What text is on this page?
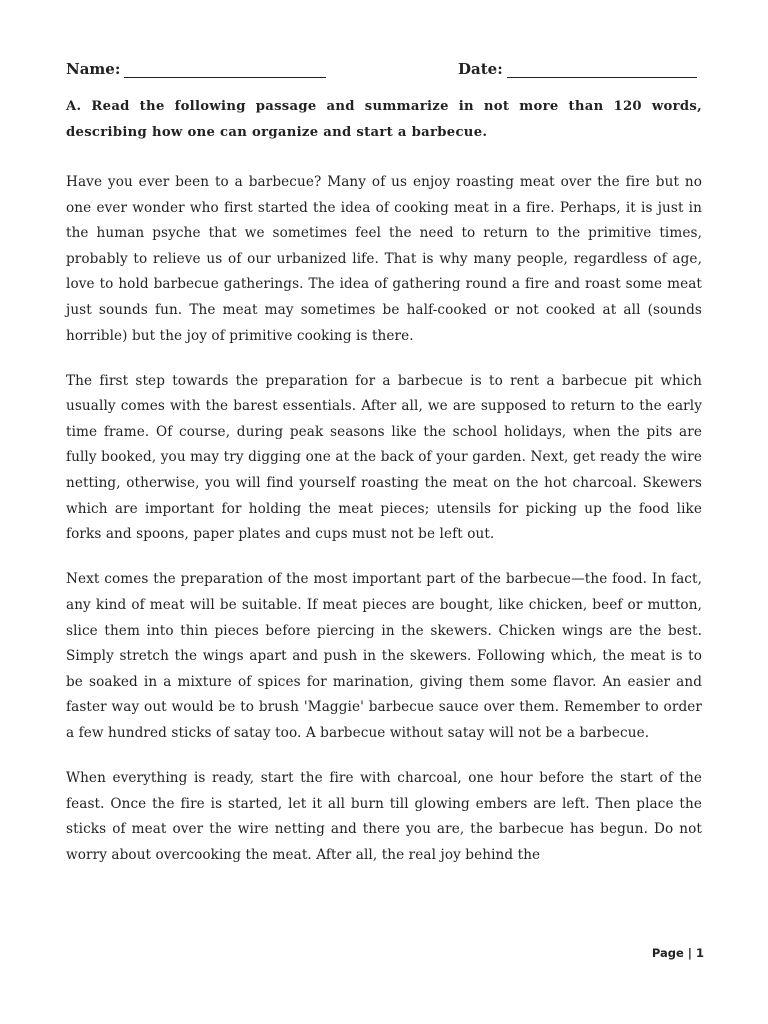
Name:	Date:
A. Read the following passage and summarize in not more than 120 words, describing how one can organize and start a barbecue.

Have you ever been to a barbecue? Many of us enjoy roasting meat over the fire but no one ever wonder who first started the idea of cooking meat in a fire. Perhaps, it is just in the human psyche that we sometimes feel the need to return to the primitive times, probably to relieve us of our urbanized life. That is why many people, regardless of age, love to hold barbecue gatherings. The idea of gathering round a fire and roast some meat just sounds fun. The meat may sometimes be half-cooked or not cooked at all (sounds horrible) but the joy of primitive cooking is there.

The first step towards the preparation for a barbecue is to rent a barbecue pit which usually comes with the barest essentials. After all, we are supposed to return to the early time frame. Of course, during peak seasons like the school holidays, when the pits are fully booked, you may try digging one at the back of your garden. Next, get ready the wire netting, otherwise, you will find yourself roasting the meat on the hot charcoal. Skewers which are important for holding the meat pieces; utensils for picking up the food like forks and spoons, paper plates and cups must not be left out.

Next comes the preparation of the most important part of the barbecue—the food. In fact, any kind of meat will be suitable. If meat pieces are bought, like chicken, beef or mutton, slice them into thin pieces before piercing in the skewers. Chicken wings are the best. Simply stretch the wings apart and push in the skewers. Following which, the meat is to be soaked in a mixture of spices for marination, giving them some flavor. An easier and faster way out would be to brush 'Maggie' barbecue sauce over them. Remember to order a few hundred sticks of satay too. A barbecue without satay will not be a barbecue.

When everything is ready, start the fire with charcoal, one hour before the start of the feast. Once the fire is started, let it all burn till glowing embers are left. Then place the sticks of meat over the wire netting and there you are, the barbecue has begun. Do not worry about overcooking the meat. After all, the real joy behind the

Page | 1
